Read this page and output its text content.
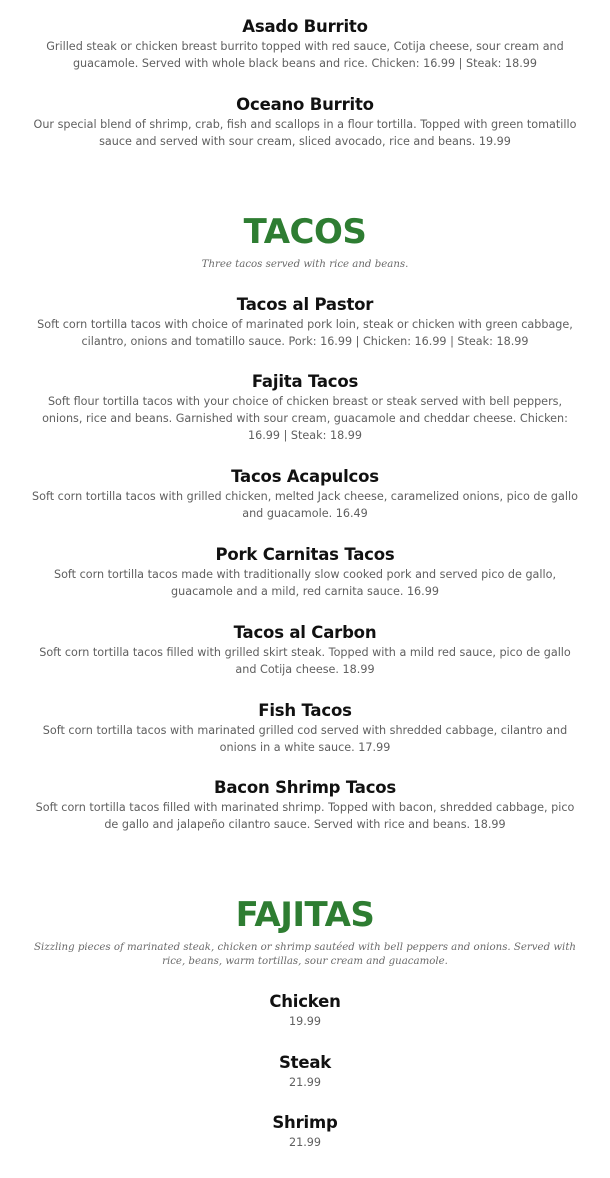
Asado Burrito

Grilled steak or chicken breast burrito topped with red sauce, Cotija cheese, sour cream and guacamole. Served with whole black beans and rice. Chicken: 16.99 | Steak: 18.99

Oceano Burrito

Our special blend of shrimp, crab, fish and scallops in a flour tortilla. Topped with green tomatillo sauce and served with sour cream, sliced avocado, rice and beans. 19.99

TACOS

Three tacos served with rice and beans.

Tacos al Pastor

Soft corn tortilla tacos with choice of marinated pork loin, steak or chicken with green cabbage, cilantro, onions and tomatillo sauce. Pork: 16.99 | Chicken: 16.99 | Steak: 18.99

Fajita Tacos

Soft flour tortilla tacos with your choice of chicken breast or steak served with bell peppers, onions, rice and beans. Garnished with sour cream, guacamole and cheddar cheese. Chicken: 16.99 | Steak: 18.99

Tacos Acapulcos

Soft corn tortilla tacos with grilled chicken, melted Jack cheese, caramelized onions, pico de gallo and guacamole. 16.49

Pork Carnitas Tacos

Soft corn tortilla tacos made with traditionally slow cooked pork and served pico de gallo, guacamole and a mild, red carnita sauce. 16.99

Tacos al Carbon

Soft corn tortilla tacos filled with grilled skirt steak. Topped with a mild red sauce, pico de gallo and Cotija cheese. 18.99

Fish Tacos

Soft corn tortilla tacos with marinated grilled cod served with shredded cabbage, cilantro and onions in a white sauce. 17.99

Bacon Shrimp Tacos

Soft corn tortilla tacos filled with marinated shrimp. Topped with bacon, shredded cabbage, pico de gallo and jalapeño cilantro sauce. Served with rice and beans. 18.99

FAJITAS

Sizzling pieces of marinated steak, chicken or shrimp sautéed with bell peppers and onions. Served with rice, beans, warm tortillas, sour cream and guacamole.

Chicken

19.99

Steak

21.99

Shrimp

21.99
